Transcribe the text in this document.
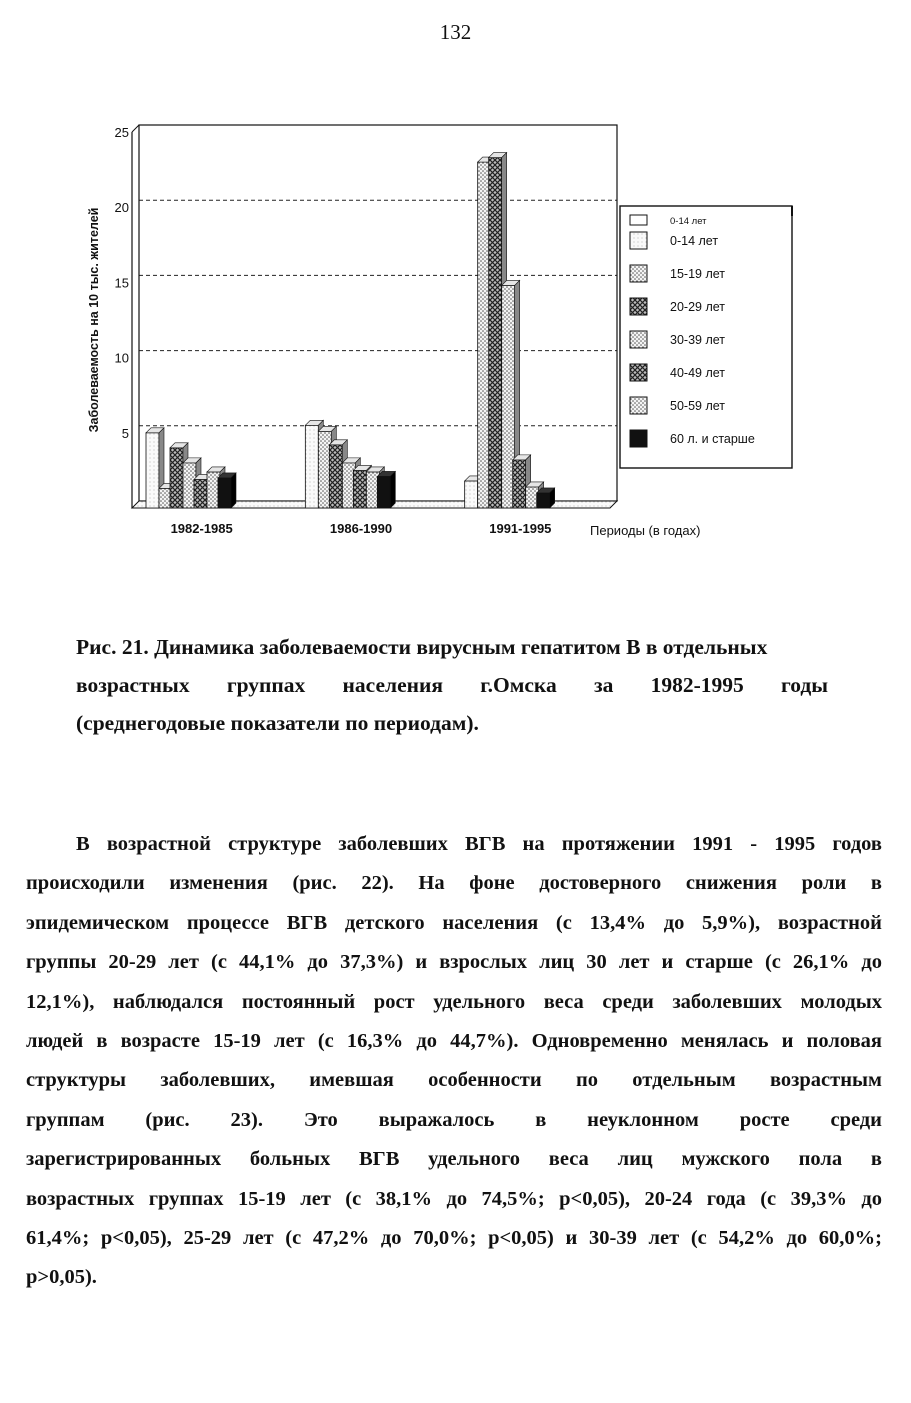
132
5
10
15
20
25
Заболеваемость на 10 тыс. жителей
1982-1985	1986-1990	1991-1995	Периоды (в годах)
0-14 лет
0-14 лет
15-19 лет
20-29 лет
30-39 лет
40-49 лет
50-59 лет
60 л. и старше
Рис. 21. Динамика заболеваемости вирусным гепатитом В в отдельных
возрастных группах населения г.Омска за 1982-1995 годы
(среднегодовые показатели по периодам).
В возрастной структуре заболевших ВГВ на протяжении 1991 - 1995 годов
происходили изменения (рис. 22). На фоне достоверного снижения роли в
эпидемическом процессе ВГВ детского населения (с 13,4% до 5,9%), возрастной
группы 20-29 лет (с 44,1% до 37,3%) и взрослых лиц 30 лет и старше (с 26,1% до
12,1%), наблюдался постоянный рост удельного веса среди заболевших молодых
людей в возрасте 15-19 лет (с 16,3% до 44,7%). Одновременно менялась и половая
структуры заболевших, имевшая особенности по отдельным возрастным
группам (рис. 23). Это выражалось в неуклонном росте среди
зарегистрированных больных ВГВ удельного веса лиц мужского пола в
возрастных группах 15-19 лет (с 38,1% до 74,5%; p<0,05), 20-24 года (с 39,3% до
61,4%; p<0,05), 25-29 лет (с 47,2% до 70,0%; p<0,05) и 30-39 лет (с 54,2% до 60,0%;
p>0,05).
